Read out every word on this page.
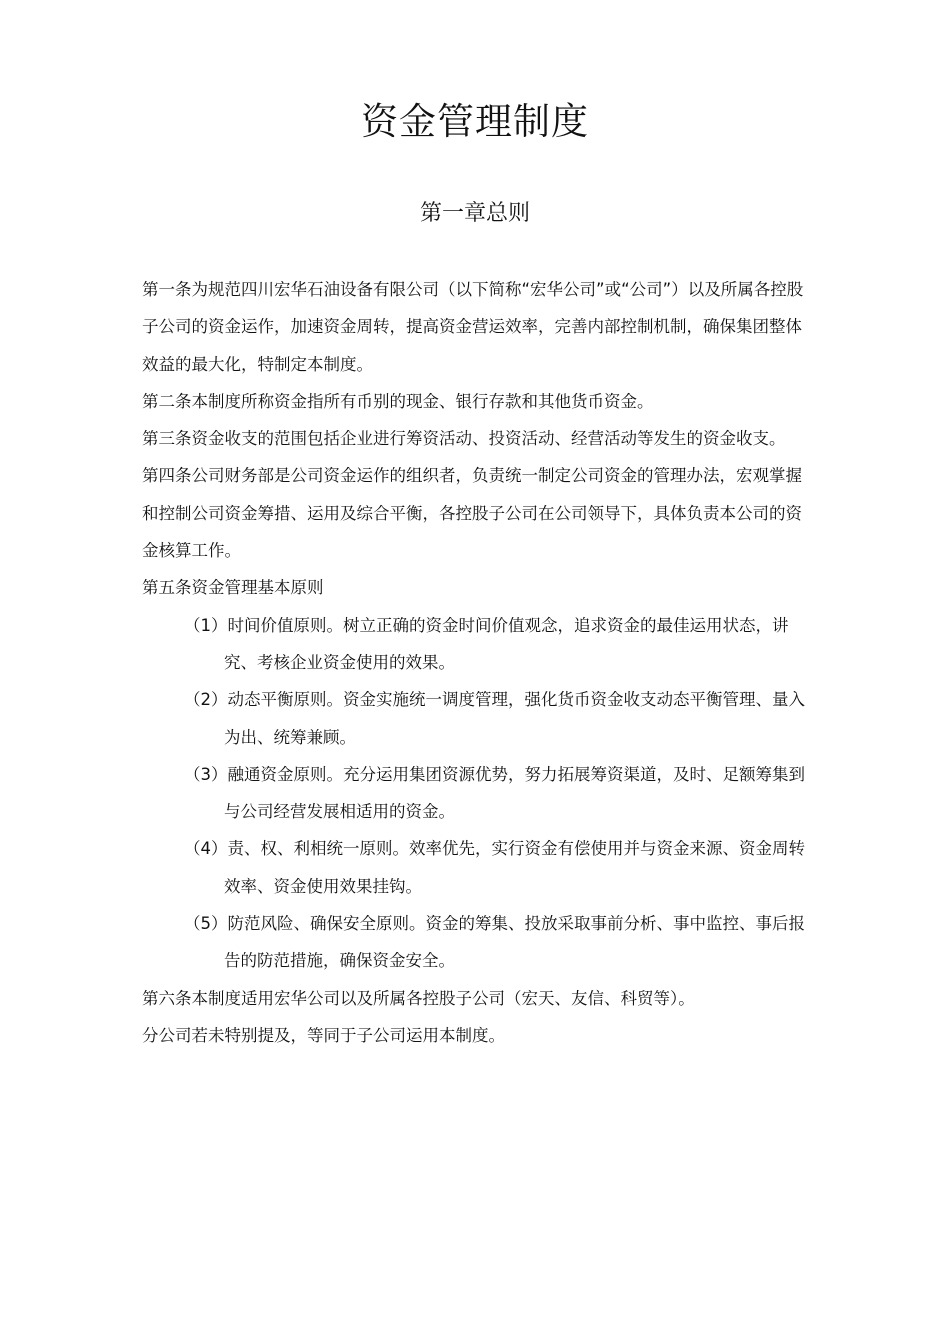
资金管理制度
第一章总则

第一条为规范四川宏华石油设备有限公司（以下简称“宏华公司”或“公司”）以及所属各控股子公司的资金运作，加速资金周转，提高资金营运效率，完善内部控制机制，确保集团整体效益的最大化，特制定本制度。

第二条本制度所称资金指所有币别的现金、银行存款和其他货币资金。

第三条资金收支的范围包括企业进行筹资活动、投资活动、经营活动等发生的资金收支。

第四条公司财务部是公司资金运作的组织者，负责统一制定公司资金的管理办法，宏观掌握和控制公司资金筹措、运用及综合平衡，各控股子公司在公司领导下，具体负责本公司的资金核算工作。

第五条资金管理基本原则

（1）时间价值原则。树立正确的资金时间价值观念，追求资金的最佳运用状态，讲究、考核企业资金使用的效果。

（2）动态平衡原则。资金实施统一调度管理，强化货币资金收支动态平衡管理、量入为出、统筹兼顾。

（3）融通资金原则。充分运用集团资源优势，努力拓展筹资渠道，及时、足额筹集到与公司经营发展相适用的资金。

（4）责、权、利相统一原则。效率优先，实行资金有偿使用并与资金来源、资金周转效率、资金使用效果挂钩。

（5）防范风险、确保安全原则。资金的筹集、投放采取事前分析、事中监控、事后报告的防范措施，确保资金安全。

第六条本制度适用宏华公司以及所属各控股子公司（宏天、友信、科贸等）。

分公司若未特别提及，等同于子公司运用本制度。
